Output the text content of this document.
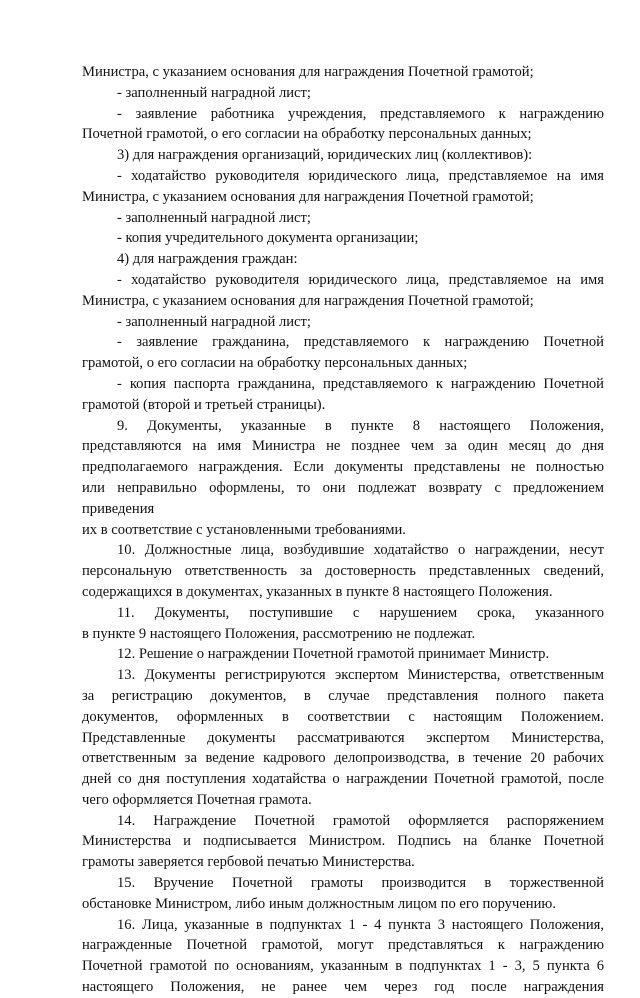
Министра, с указанием основания для награждения Почетной грамотой;
- заполненный наградной лист;
- заявление работника учреждения, представляемого к награждению
Почетной грамотой, о его согласии на обработку персональных данных;
3) для награждения организаций, юридических лиц (коллективов):
- ходатайство руководителя юридического лица, представляемое на имя
Министра, с указанием основания для награждения Почетной грамотой;
- заполненный наградной лист;
- копия учредительного документа организации;
4) для награждения граждан:
- ходатайство руководителя юридического лица, представляемое на имя
Министра, с указанием основания для награждения Почетной грамотой;
- заполненный наградной лист;
- заявление гражданина, представляемого к награждению Почетной
грамотой, о его согласии на обработку персональных данных;
- копия паспорта гражданина, представляемого к награждению Почетной
грамотой (второй и третьей страницы).
9. Документы, указанные в пункте 8 настоящего Положения,
представляются на имя Министра не позднее чем за один месяц до дня
предполагаемого награждения. Если документы представлены не полностью
или неправильно оформлены, то они подлежат возврату с предложением
приведения
их в соответствие с установленными требованиями.
10. Должностные лица, возбудившие ходатайство о награждении, несут
персональную ответственность за достоверность представленных сведений,
содержащихся в документах, указанных в пункте 8 настоящего Положения.
11. Документы, поступившие с нарушением срока, указанного
в пункте 9 настоящего Положения, рассмотрению не подлежат.
12. Решение о награждении Почетной грамотой принимает Министр.
13. Документы регистрируются экспертом Министерства, ответственным
за регистрацию документов, в случае представления полного пакета
документов, оформленных в соответствии с настоящим Положением.
Представленные документы рассматриваются экспертом Министерства,
ответственным за ведение кадрового делопроизводства, в течение 20 рабочих
дней со дня поступления ходатайства о награждении Почетной грамотой, после
чего оформляется Почетная грамота.
14. Награждение Почетной грамотой оформляется распоряжением
Министерства и подписывается Министром. Подпись на бланке Почетной
грамоты заверяется гербовой печатью Министерства.
15. Вручение Почетной грамоты производится в торжественной
обстановке Министром, либо иным должностным лицом по его поручению.
16. Лица, указанные в подпунктах 1 - 4 пункта 3 настоящего Положения,
награжденные Почетной грамотой, могут представляться к награждению
Почетной грамотой по основаниям, указанным в подпунктах 1 - 3, 5 пункта 6
настоящего Положения, не ранее чем через год после награждения
